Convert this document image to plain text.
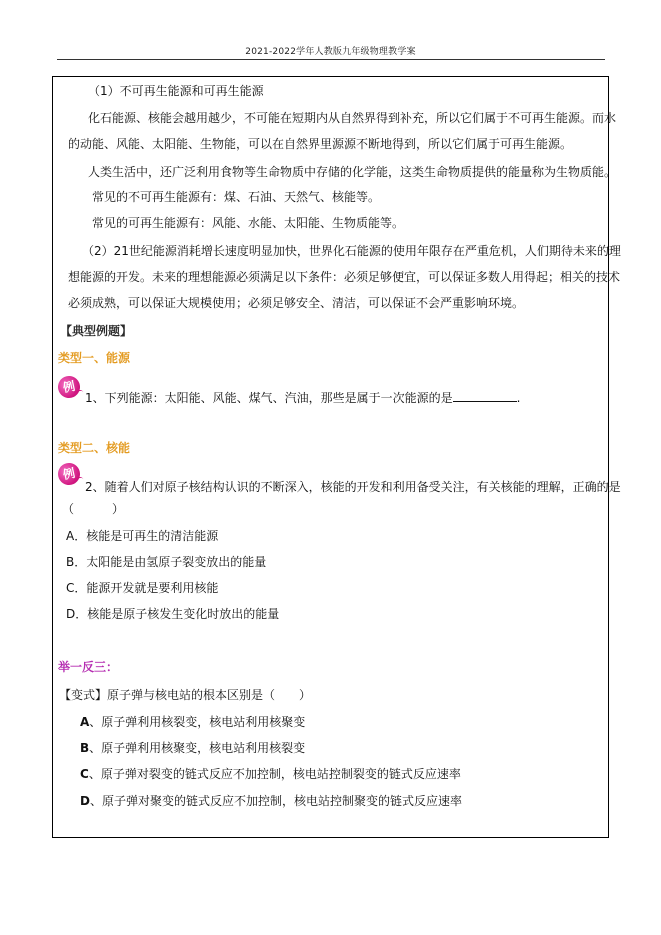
2021-2022学年人教版九年级物理教学案
（1）不可再生能源和可再生能源
化石能源、核能会越用越少，不可能在短期内从自然界得到补充，所以它们属于不可再生能源。而水
的动能、风能、太阳能、生物能，可以在自然界里源源不断地得到，所以它们属于可再生能源。
人类生活中，还广泛利用食物等生命物质中存储的化学能，这类生命物质提供的能量称为生物质能。
常见的不可再生能源有：煤、石油、天然气、核能等。
常见的可再生能源有：风能、水能、太阳能、生物质能等。
（2）21世纪能源消耗增长速度明显加快，世界化石能源的使用年限存在严重危机，人们期待未来的理
想能源的开发。未来的理想能源必须满足以下条件：必须足够便宜，可以保证多数人用得起；相关的技术
必须成熟，可以保证大规模使用；必须足够安全、清洁，可以保证不会严重影响环境。
【典型例题】
类型一、能源
例
1、下列能源：太阳能、风能、煤气、汽油，那些是属于一次能源的是	.
类型二、核能
例
2、随着人们对原子核结构认识的不断深入，核能的开发和利用备受关注，有关核能的理解，正确的是
（	）
A．核能是可再生的清洁能源
B．太阳能是由氢原子裂变放出的能量
C．能源开发就是要利用核能
D．核能是原子核发生变化时放出的能量
举一反三：
【变式】原子弹与核电站的根本区别是（　　）
A、原子弹利用核裂变，核电站利用核聚变
B、原子弹利用核聚变，核电站利用核裂变
C、原子弹对裂变的链式反应不加控制，核电站控制裂变的链式反应速率
D、原子弹对聚变的链式反应不加控制，核电站控制聚变的链式反应速率
